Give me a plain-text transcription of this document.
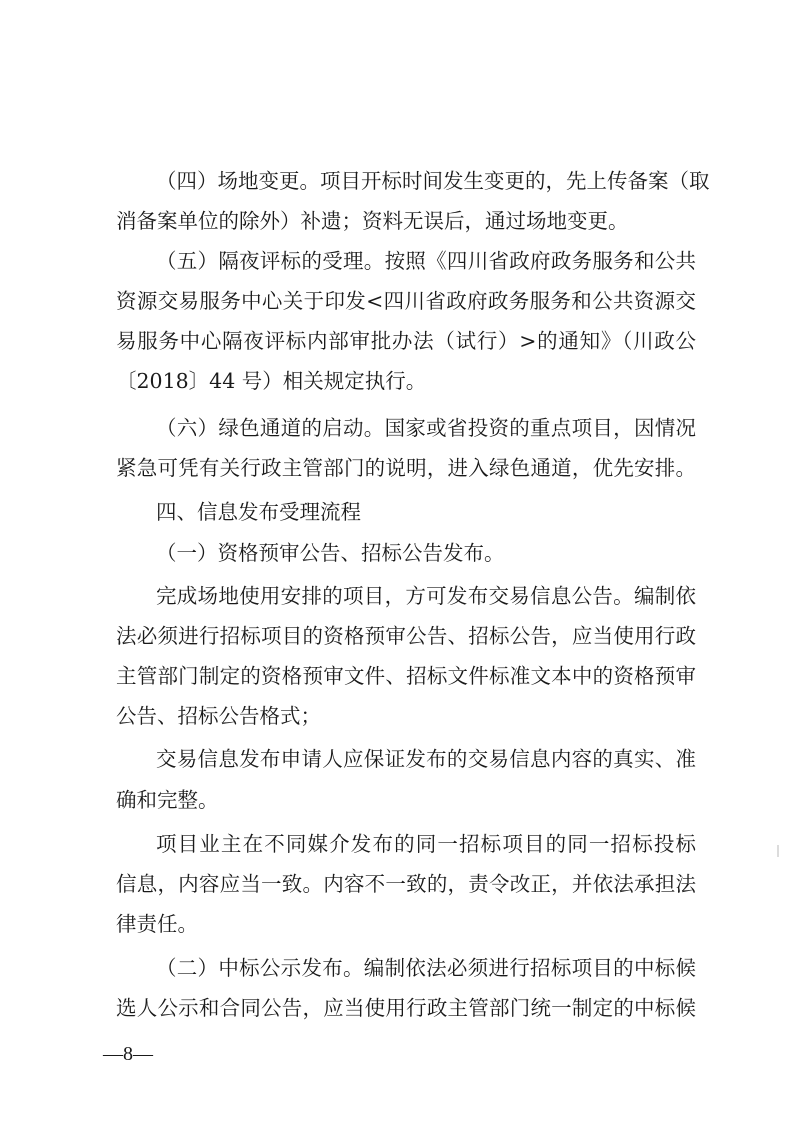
（四）场地变更。项目开标时间发生变更的，先上传备案（取
消备案单位的除外）补遗；资料无误后，通过场地变更。
（五）隔夜评标的受理。按照《四川省政府政务服务和公共
资源交易服务中心关于印发<四川省政府政务服务和公共资源交
易服务中心隔夜评标内部审批办法（试行）>的通知》（川政公
〔2018〕44 号）相关规定执行。
（六）绿色通道的启动。国家或省投资的重点项目，因情况
紧急可凭有关行政主管部门的说明，进入绿色通道，优先安排。
四、信息发布受理流程
（一）资格预审公告、招标公告发布。
完成场地使用安排的项目，方可发布交易信息公告。编制依
法必须进行招标项目的资格预审公告、招标公告，应当使用行政
主管部门制定的资格预审文件、招标文件标准文本中的资格预审
公告、招标公告格式；
交易信息发布申请人应保证发布的交易信息内容的真实、准
确和完整。
项目业主在不同媒介发布的同一招标项目的同一招标投标
信息，内容应当一致。内容不一致的，责令改正，并依法承担法
律责任。
（二）中标公示发布。编制依法必须进行招标项目的中标候
选人公示和合同公告，应当使用行政主管部门统一制定的中标候
—8—
